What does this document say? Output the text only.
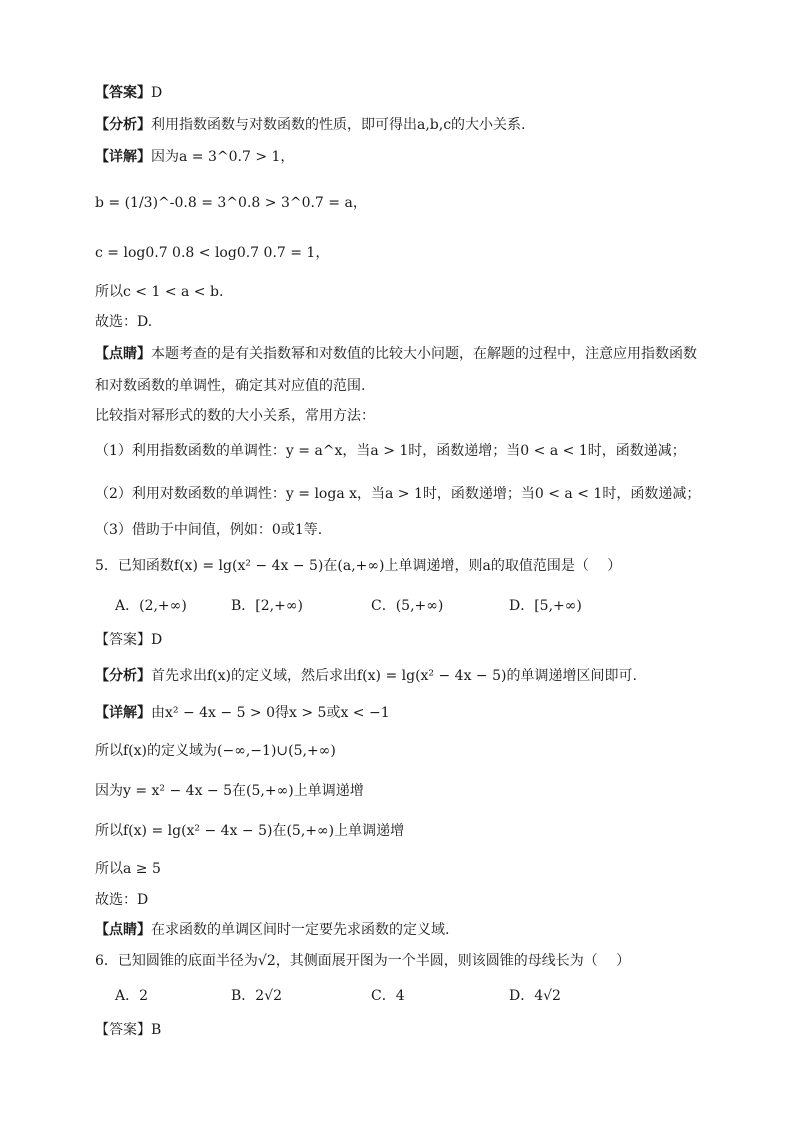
【答案】D
【分析】利用指数函数与对数函数的性质，即可得出a,b,c的大小关系.
【详解】因为a = 3^0.7 > 1，
b = (1/3)^-0.8 = 3^0.8 > 3^0.7 = a，
c = log0.7 0.8 < log0.7 0.7 = 1，
所以c < 1 < a < b.
故选：D.
【点睛】本题考查的是有关指数幂和对数值的比较大小问题，在解题的过程中，注意应用指数函数
和对数函数的单调性，确定其对应值的范围.
比较指对幂形式的数的大小关系，常用方法：
（1）利用指数函数的单调性：y = a^x，当a > 1时，函数递增；当0 < a < 1时，函数递减；
（2）利用对数函数的单调性：y = loga x，当a > 1时，函数递增；当0 < a < 1时，函数递减；
（3）借助于中间值，例如：0或1等.
5．已知函数f(x) = lg(x² − 4x − 5)在(a,+∞)上单调递增，则a的取值范围是（　 ）
A．(2,+∞)	B．[2,+∞)	C．(5,+∞)	D．[5,+∞)
【答案】D
【分析】首先求出f(x)的定义域，然后求出f(x) = lg(x² − 4x − 5)的单调递增区间即可.
【详解】由x² − 4x − 5 > 0得x > 5或x < −1
所以f(x)的定义域为(−∞,−1)∪(5,+∞)
因为y = x² − 4x − 5在(5,+∞)上单调递增
所以f(x) = lg(x² − 4x − 5)在(5,+∞)上单调递增
所以a ≥ 5
故选：D
【点睛】在求函数的单调区间时一定要先求函数的定义域.
6．已知圆锥的底面半径为√2，其侧面展开图为一个半圆，则该圆锥的母线长为（　 ）
A．2	B．2√2	C．4	D．4√2
【答案】B
